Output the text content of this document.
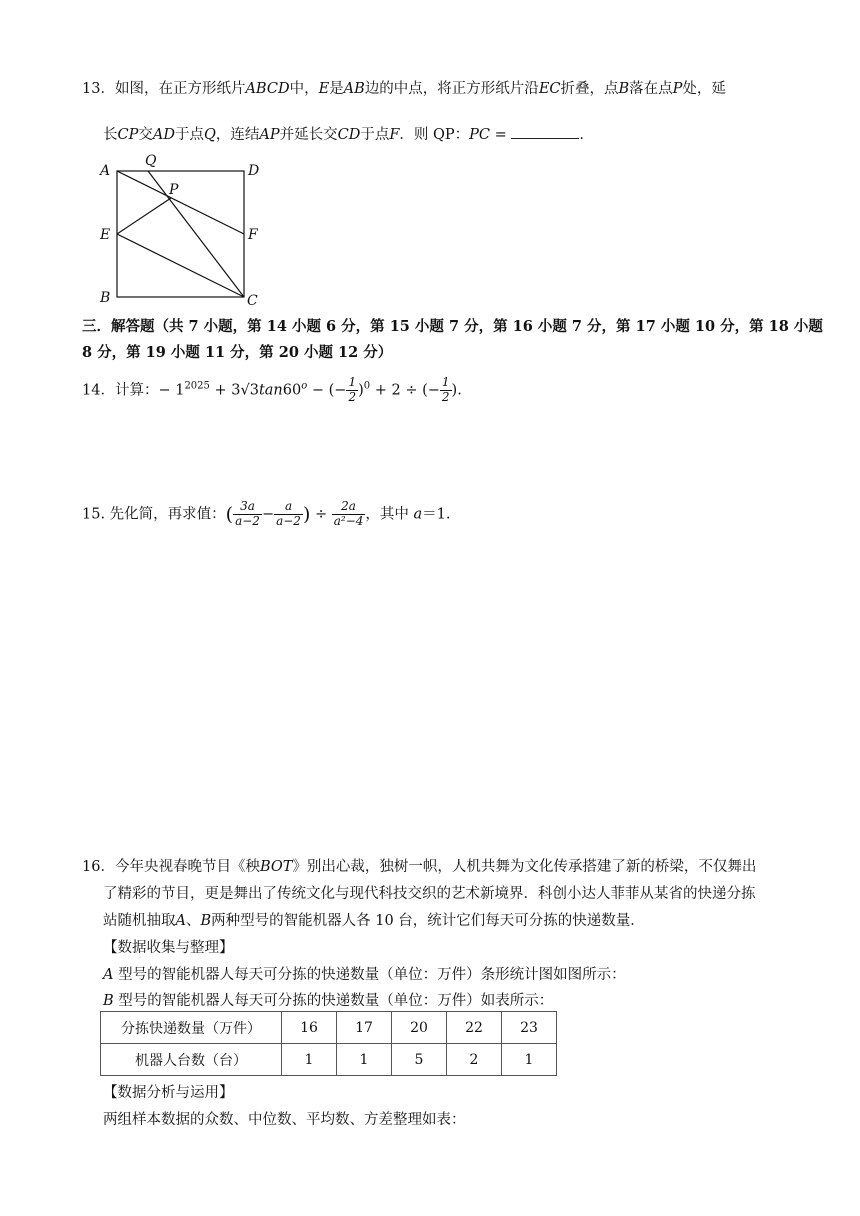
13．如图，在正方形纸片ABCD中，E是AB边的中点，将正方形纸片沿EC折叠，点B落在点P处，延
长CP交AD于点Q，连结AP并延长交CD于点F．则 QP：PC =	．
A
Q
D
P
E	F
B	C
三．解答题（共 7 小题，第 14 小题 6 分，第 15 小题 7 分，第 16 小题 7 分，第 17 小题 10 分，第 18 小题
8 分，第 19 小题 11 分，第 20 小题 12 分）
14．计算：− $1^{2025} + 3√3\tan 60^o$ − (− $\frac{1}{2} )^0 + 2$ ÷ (− $\frac{1}{2}$ ).
15. 先化简，再求值：( $\frac{3a}{a-2} - \frac{a}{a-2}$ ) ÷ $\frac{2a}{\text{a²−4}}$ ，其中 a＝1.
16．今年央视春晚节目《秧BOT》别出心裁，独树一帜，人机共舞为文化传承搭建了新的桥梁，不仅舞出
了精彩的节目，更是舞出了传统文化与现代科技交织的艺术新境界．科创小达人菲菲从某省的快递分拣
站随机抽取A、B两种型号的智能机器人各 10 台，统计它们每天可分拣的快递数量．
【数据收集与整理】
A 型号的智能机器人每天可分拣的快递数量（单位：万件）条形统计图如图所示：
B 型号的智能机器人每天可分拣的快递数量（单位：万件）如表所示：
分拣快递数量（万件）	16	17	20	22	23
机器人台数（台）	1	1	5	2	1
【数据分析与运用】
两组样本数据的众数、中位数、平均数、方差整理如表：
